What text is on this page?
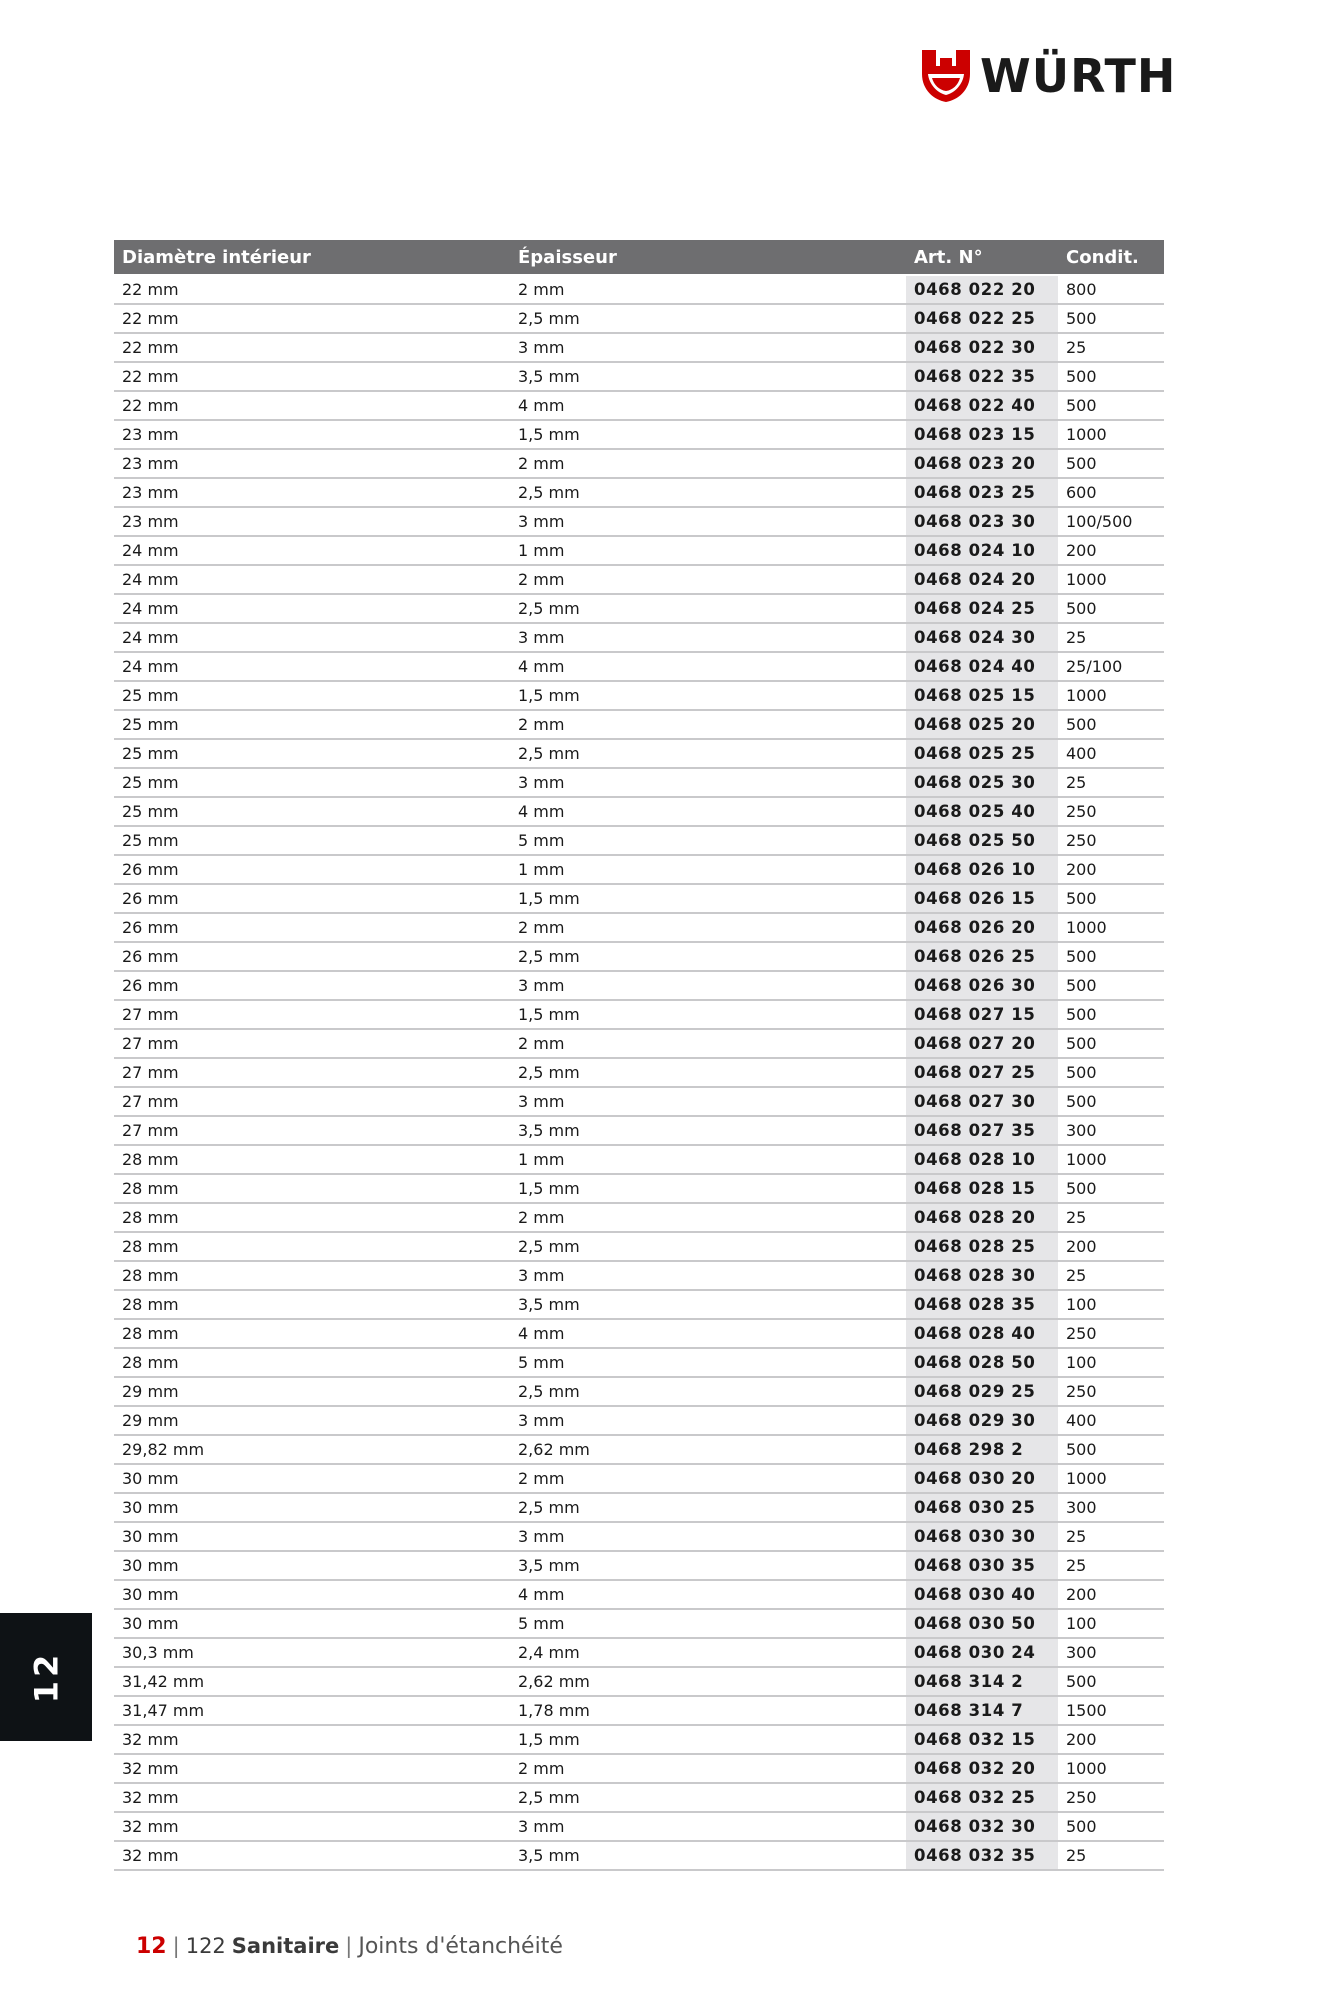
WÜRTH
Diamètre intérieur	Épaisseur	Art. N°	Condit.
22 mm	2 mm	0468 022 20	800
22 mm	2,5 mm	0468 022 25	500
22 mm	3 mm	0468 022 30	25
22 mm	3,5 mm	0468 022 35	500
22 mm	4 mm	0468 022 40	500
23 mm	1,5 mm	0468 023 15	1000
23 mm	2 mm	0468 023 20	500
23 mm	2,5 mm	0468 023 25	600
23 mm	3 mm	0468 023 30	100/500
24 mm	1 mm	0468 024 10	200
24 mm	2 mm	0468 024 20	1000
24 mm	2,5 mm	0468 024 25	500
24 mm	3 mm	0468 024 30	25
24 mm	4 mm	0468 024 40	25/100
25 mm	1,5 mm	0468 025 15	1000
25 mm	2 mm	0468 025 20	500
25 mm	2,5 mm	0468 025 25	400
25 mm	3 mm	0468 025 30	25
25 mm	4 mm	0468 025 40	250
25 mm	5 mm	0468 025 50	250
26 mm	1 mm	0468 026 10	200
26 mm	1,5 mm	0468 026 15	500
26 mm	2 mm	0468 026 20	1000
26 mm	2,5 mm	0468 026 25	500
26 mm	3 mm	0468 026 30	500
27 mm	1,5 mm	0468 027 15	500
27 mm	2 mm	0468 027 20	500
27 mm	2,5 mm	0468 027 25	500
27 mm	3 mm	0468 027 30	500
27 mm	3,5 mm	0468 027 35	300
28 mm	1 mm	0468 028 10	1000
28 mm	1,5 mm	0468 028 15	500
28 mm	2 mm	0468 028 20	25
28 mm	2,5 mm	0468 028 25	200
28 mm	3 mm	0468 028 30	25
28 mm	3,5 mm	0468 028 35	100
28 mm	4 mm	0468 028 40	250
28 mm	5 mm	0468 028 50	100
29 mm	2,5 mm	0468 029 25	250
29 mm	3 mm	0468 029 30	400
29,82 mm	2,62 mm	0468 298 2	500
30 mm	2 mm	0468 030 20	1000
30 mm	2,5 mm	0468 030 25	300
30 mm	3 mm	0468 030 30	25
30 mm	3,5 mm	0468 030 35	25
30 mm	4 mm	0468 030 40	200
30 mm	5 mm	0468 030 50	100
30,3 mm	2,4 mm	0468 030 24	300
31,42 mm	2,62 mm	0468 314 2	500
31,47 mm	1,78 mm	0468 314 7	1500
32 mm	1,5 mm	0468 032 15	200
32 mm	2 mm	0468 032 20	1000
32 mm	2,5 mm	0468 032 25	250
32 mm	3 mm	0468 032 30	500
32 mm	3,5 mm	0468 032 35	25
12
12 | 122 Sanitaire | Joints d'étanchéité
